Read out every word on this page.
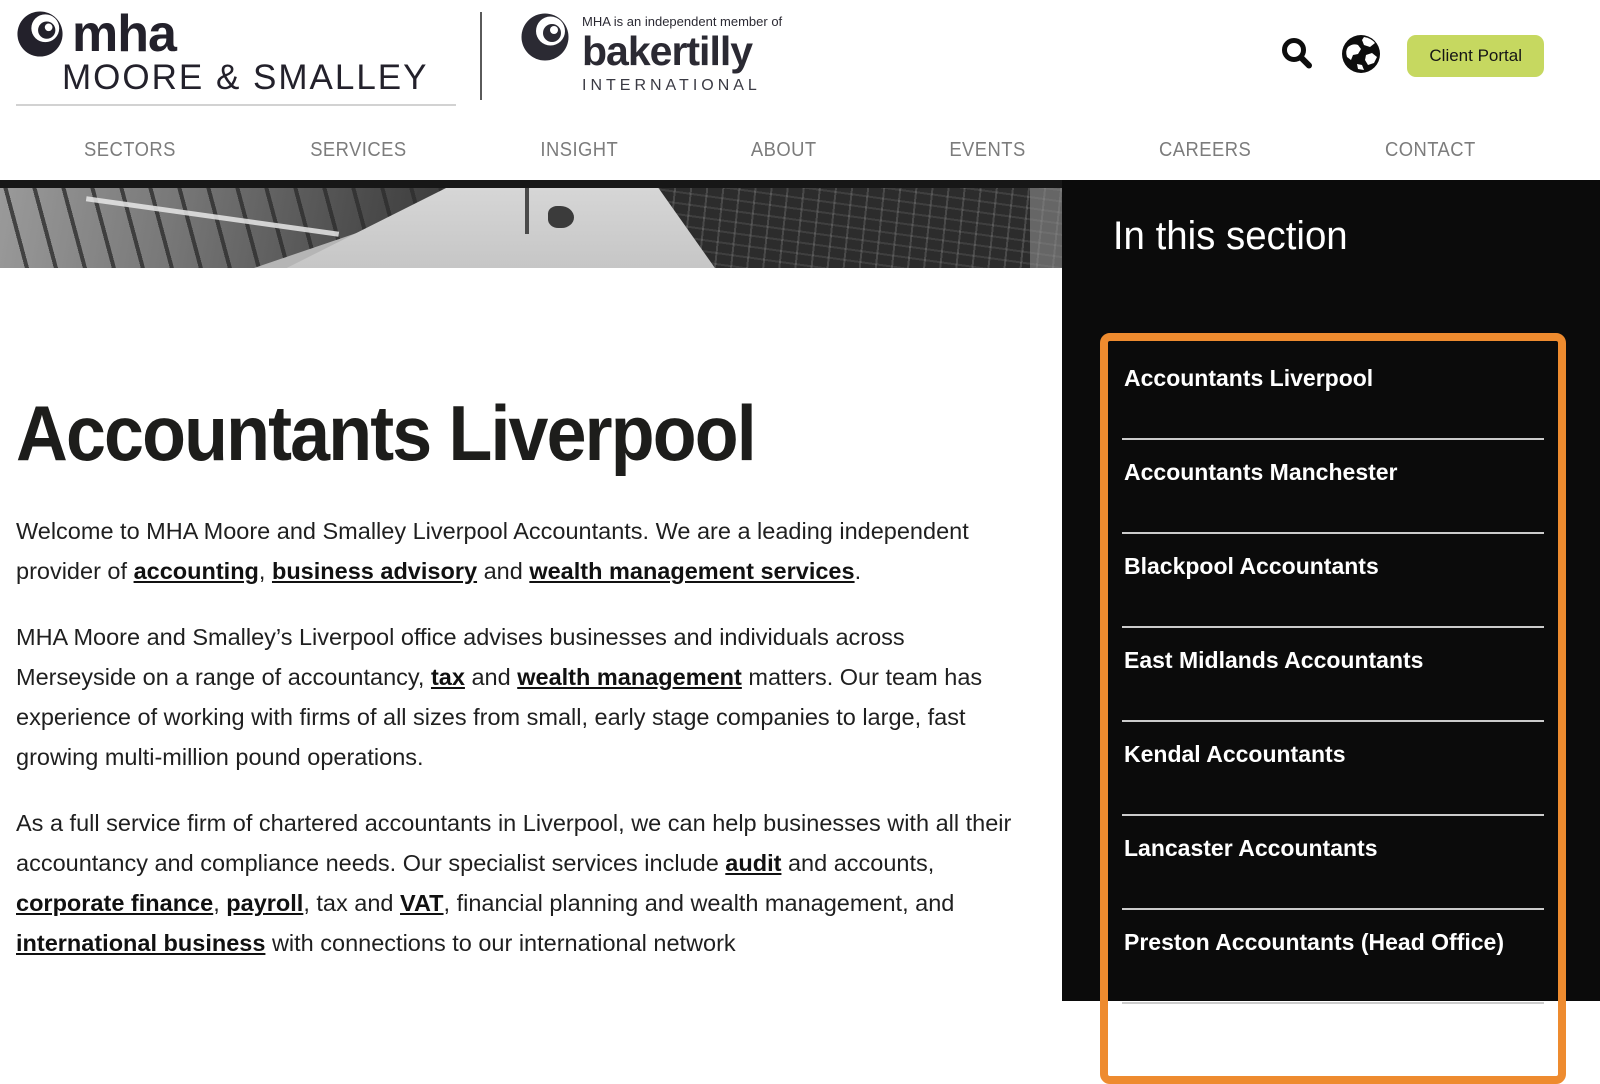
mha
MOORE & SMALLEY
MHA is an independent member of
bakertilly
INTERNATIONAL
Client Portal
SECTORS	SERVICES	INSIGHT	ABOUT	EVENTS	CAREERS	CONTACT
Accountants Liverpool

Welcome to MHA Moore and Smalley Liverpool Accountants. We are a leading independent provider of accounting, business advisory and wealth management services.

MHA Moore and Smalley’s Liverpool office advises businesses and individuals across Merseyside on a range of accountancy, tax and wealth management matters. Our team has experience of working with firms of all sizes from small, early stage companies to large, fast growing multi-million pound operations.

As a full service firm of chartered accountants in Liverpool, we can help businesses with all their accountancy and compliance needs. Our specialist services include audit and accounts, corporate finance, payroll, tax and VAT, financial planning and wealth management, and international business with connections to our international network

In this section
Accountants Liverpool
Accountants Manchester
Blackpool Accountants
East Midlands Accountants
Kendal Accountants
Lancaster Accountants
Preston Accountants (Head Office)
Southport Accountants
